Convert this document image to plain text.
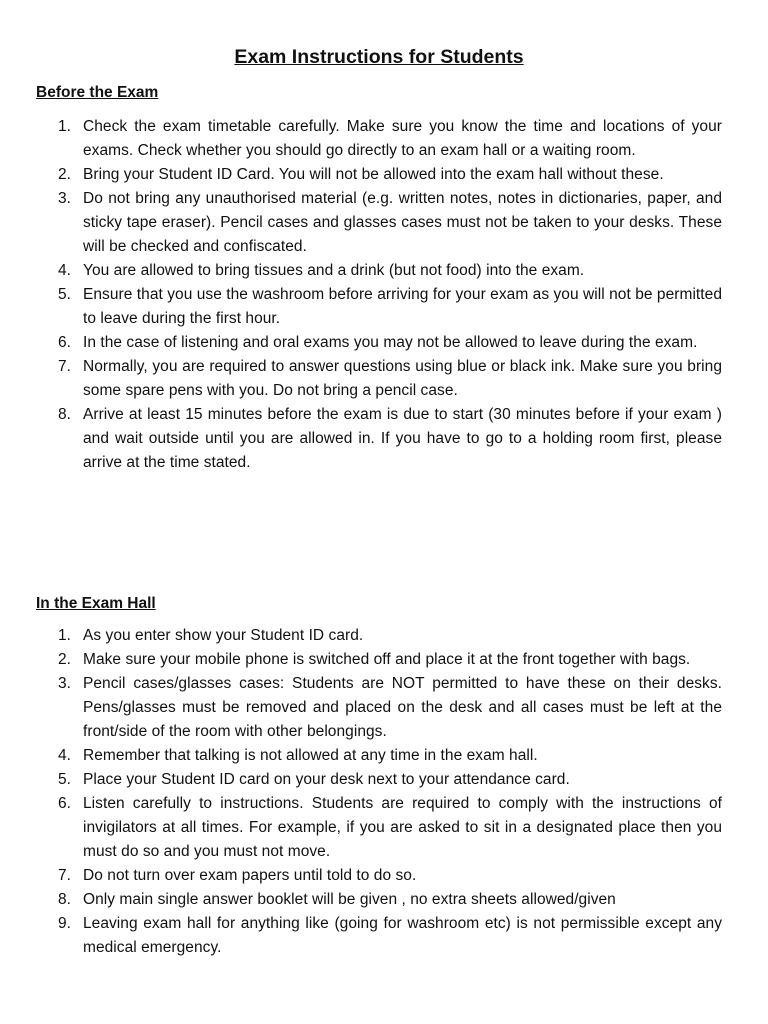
Exam Instructions for Students
Before the Exam
1. Check the exam timetable carefully. Make sure you know the time and locations of your exams. Check whether you should go directly to an exam hall or a waiting room.
2. Bring your Student ID Card. You will not be allowed into the exam hall without these.
3. Do not bring any unauthorised material (e.g. written notes, notes in dictionaries, paper, and sticky tape eraser). Pencil cases and glasses cases must not be taken to your desks. These will be checked and confiscated.
4. You are allowed to bring tissues and a drink (but not food) into the exam.
5. Ensure that you use the washroom before arriving for your exam as you will not be permitted to leave during the first hour.
6. In the case of listening and oral exams you may not be allowed to leave during the exam.
7. Normally, you are required to answer questions using blue or black ink. Make sure you bring some spare pens with you. Do not bring a pencil case.
8. Arrive at least 15 minutes before the exam is due to start (30 minutes before if your exam ) and wait outside until you are allowed in. If you have to go to a holding room first, please arrive at the time stated.
In the Exam Hall
1. As you enter show your Student ID card.
2. Make sure your mobile phone is switched off and place it at the front together with bags.
3. Pencil cases/glasses cases: Students are NOT permitted to have these on their desks. Pens/glasses must be removed and placed on the desk and all cases must be left at the front/side of the room with other belongings.
4. Remember that talking is not allowed at any time in the exam hall.
5. Place your Student ID card on your desk next to your attendance card.
6. Listen carefully to instructions. Students are required to comply with the instructions of invigilators at all times. For example, if you are asked to sit in a designated place then you must do so and you must not move.
7. Do not turn over exam papers until told to do so.
8. Only main single answer booklet will be given , no extra sheets allowed/given
9. Leaving exam hall for anything like (going for washroom etc) is not permissible except any medical emergency.
